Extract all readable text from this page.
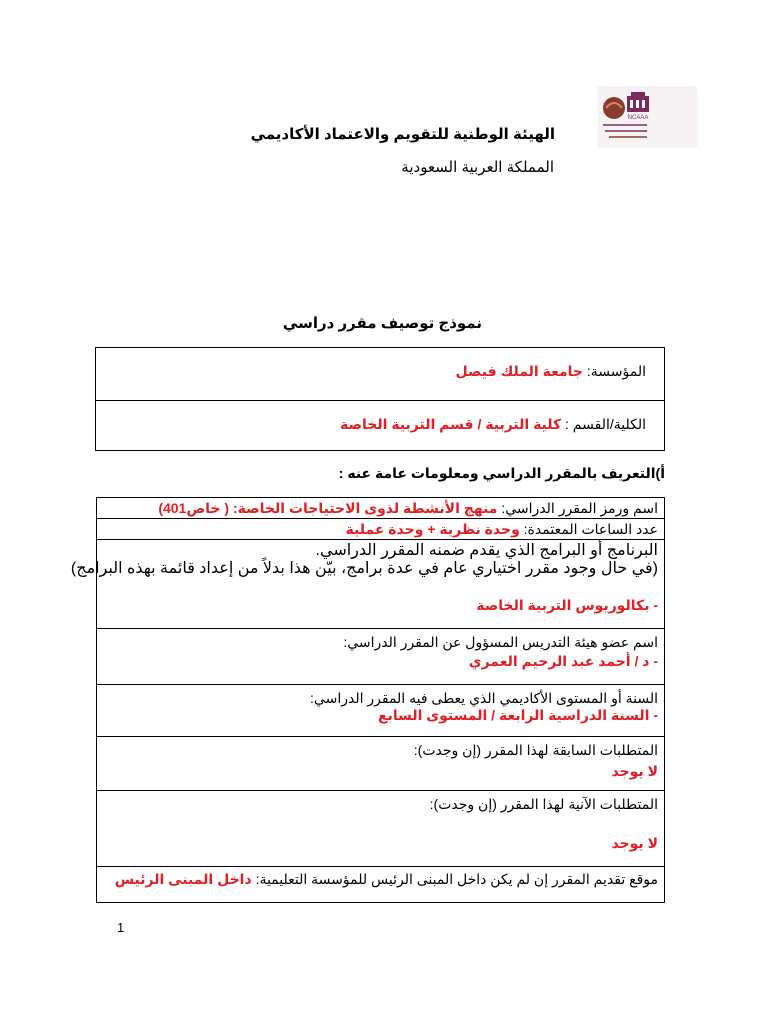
NCAAA
الهيئة الوطنية للتقويم والاعتماد الأكاديمي
المملكة العربية السعودية
نموذج توصيف مقرر دراسي
المؤسسة: جامعة الملك فيصل
الكلية/القسم : كلية التربية / قسم التربية الخاصة
أ)التعريف بالمقرر الدراسي ومعلومات عامة عنه :
اسم ورمز المقرر الدراسي: منهج الأنشطة لذوى الاحتياجات الخاصة: ( خاص401)
عدد الساعات المعتمدة: وحدة نظرية + وحدة عملية
البرنامج أو البرامج الذي يقدم ضمنه المقرر الدراسي.
(في حال وجود مقرر اختياري عام في عدة برامج، بيّن هذا بدلاً من إعداد قائمة بهذه البرامج)
- بكالوريوس التربية الخاصة
اسم عضو هيئة التدريس المسؤول عن المقرر الدراسي:
- د / أحمد عبد الرحيم العمري
السنة أو المستوى الأكاديمي الذي يعطى فيه المقرر الدراسي:
- السنة الدراسية الرابعة / المستوى السابع
المتطلبات السابقة لهذا المقرر (إن وجدت):
لا يوجد
المتطلبات الآنية لهذا المقرر (إن وجدت):
لا يوجد
موقع تقديم المقرر إن لم يكن داخل المبنى الرئيس للمؤسسة التعليمية: داخل المبنى الرئيس
1
